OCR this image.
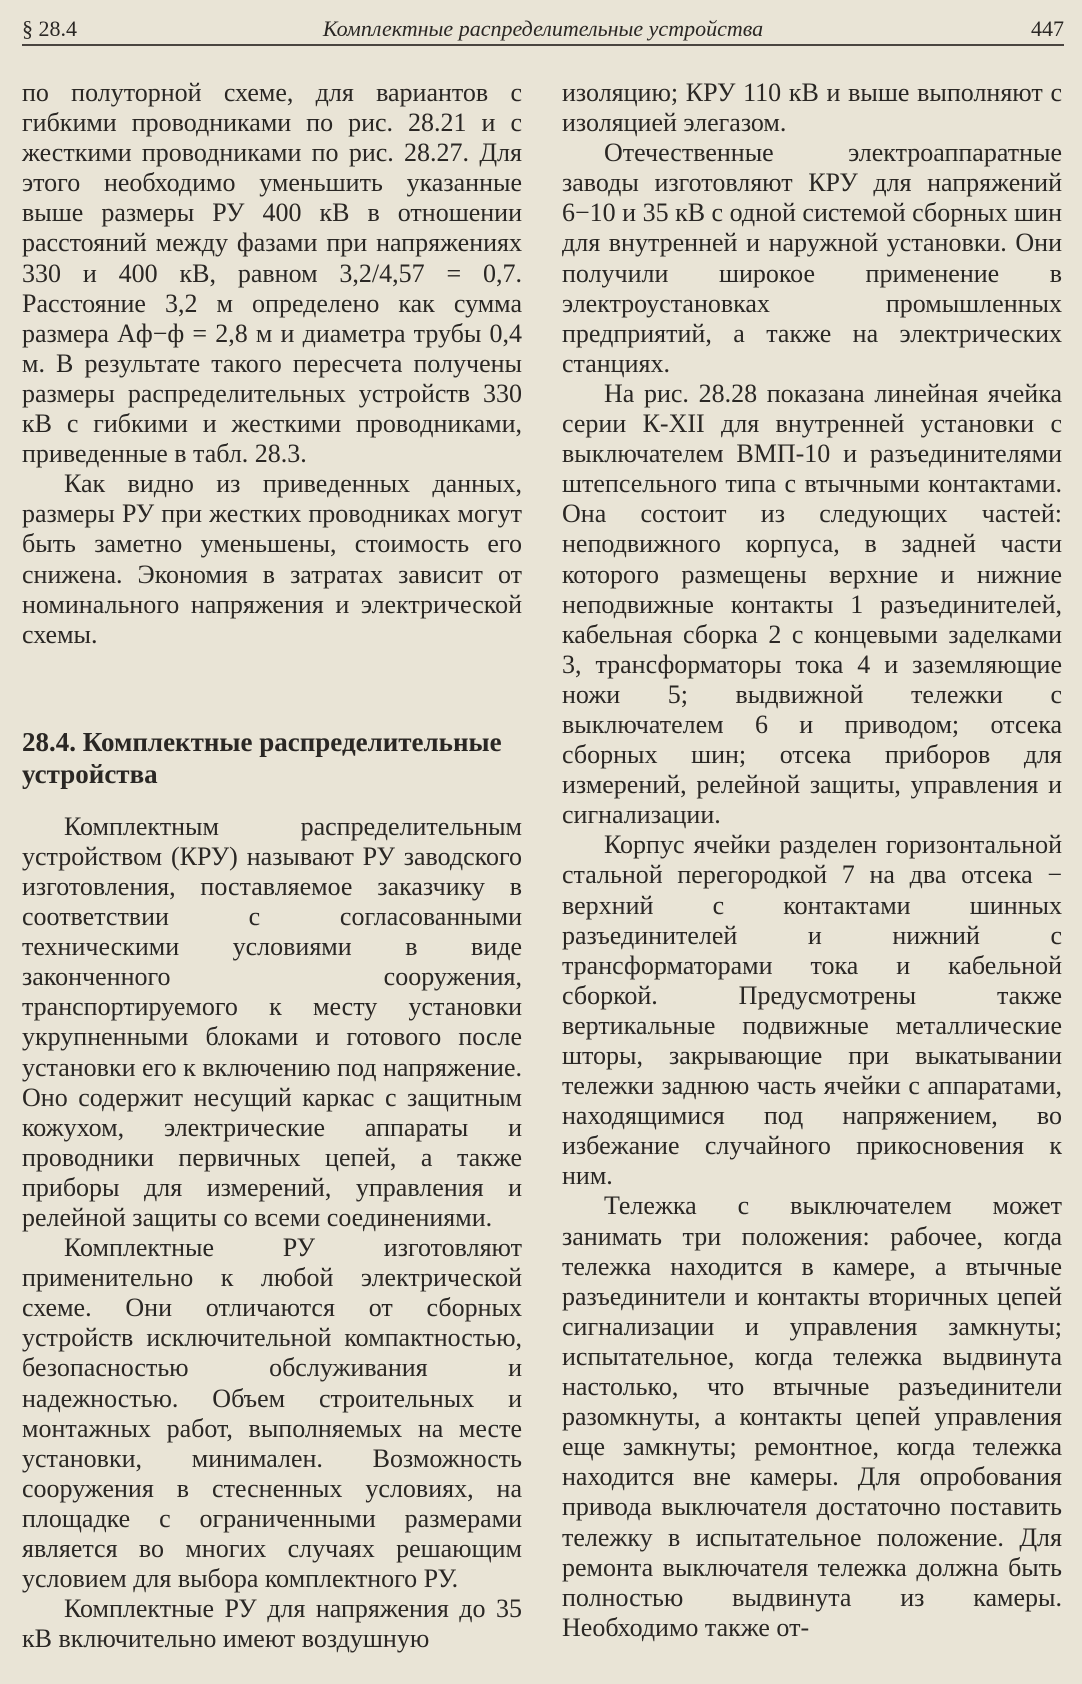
§ 28.4	Комплектные распределительные устройства	447

по полуторной схеме, для вариантов с гибкими проводниками по рис. 28.21 и с жесткими проводниками по рис. 28.27. Для этого необходимо уменьшить указанные выше размеры РУ 400 кВ в отношении расстояний между фазами при напряжениях 330 и 400 кВ, равном 3,2/4,57 = 0,7. Расстояние 3,2 м определено как сумма размера Aф−ф = 2,8 м и диаметра трубы 0,4 м. В результате такого пересчета получены размеры распределительных устройств 330 кВ с гибкими и жесткими проводниками, приведенные в табл. 28.3.

Как видно из приведенных данных, размеры РУ при жестких проводниках могут быть заметно уменьшены, стоимость его снижена. Экономия в затратах зависит от номинального напряжения и электрической схемы.

28.4. Комплектные распределительные устройства

Комплектным распределительным устройством (КРУ) называют РУ заводского изготовления, поставляемое заказчику в соответствии с согласованными техническими условиями в виде законченного сооружения, транспортируемого к месту установки укрупненными блоками и готового после установки его к включению под напряжение. Оно содержит несущий каркас с защитным кожухом, электрические аппараты и проводники первичных цепей, а также приборы для измерений, управления и релейной защиты со всеми соединениями.

Комплектные РУ изготовляют применительно к любой электрической схеме. Они отличаются от сборных устройств исключительной компактностью, безопасностью обслуживания и надежностью. Объем строительных и монтажных работ, выполняемых на месте установки, минимален. Возможность сооружения в стесненных условиях, на площадке с ограниченными размерами является во многих случаях решающим условием для выбора комплектного РУ.

Комплектные РУ для напряжения до 35 кВ включительно имеют воздушную

изоляцию; КРУ 110 кВ и выше выполняют с изоляцией элегазом.

Отечественные электроаппаратные заводы изготовляют КРУ для напряжений 6−10 и 35 кВ с одной системой сборных шин для внутренней и наружной установки. Они получили широкое применение в электроустановках промышленных предприятий, а также на электрических станциях.

На рис. 28.28 показана линейная ячейка серии К-XII для внутренней установки с выключателем ВМП-10 и разъединителями штепсельного типа с втычными контактами. Она состоит из следующих частей: неподвижного корпуса, в задней части которого размещены верхние и нижние неподвижные контакты 1 разъединителей, кабельная сборка 2 с концевыми заделками 3, трансформаторы тока 4 и заземляющие ножи 5; выдвижной тележки с выключателем 6 и приводом; отсека сборных шин; отсека приборов для измерений, релейной защиты, управления и сигнализации.

Корпус ячейки разделен горизонтальной стальной перегородкой 7 на два отсека − верхний с контактами шинных разъединителей и нижний с трансформаторами тока и кабельной сборкой. Предусмотрены также вертикальные подвижные металлические шторы, закрывающие при выкатывании тележки заднюю часть ячейки с аппаратами, находящимися под напряжением, во избежание случайного прикосновения к ним.

Тележка с выключателем может занимать три положения: рабочее, когда тележка находится в камере, а втычные разъединители и контакты вторичных цепей сигнализации и управления замкнуты; испытательное, когда тележка выдвинута настолько, что втычные разъединители разомкнуты, а контакты цепей управления еще замкнуты; ремонтное, когда тележка находится вне камеры. Для опробования привода выключателя достаточно поставить тележку в испытательное положение. Для ремонта выключателя тележка должна быть полностью выдвинута из камеры. Необходимо также от-
